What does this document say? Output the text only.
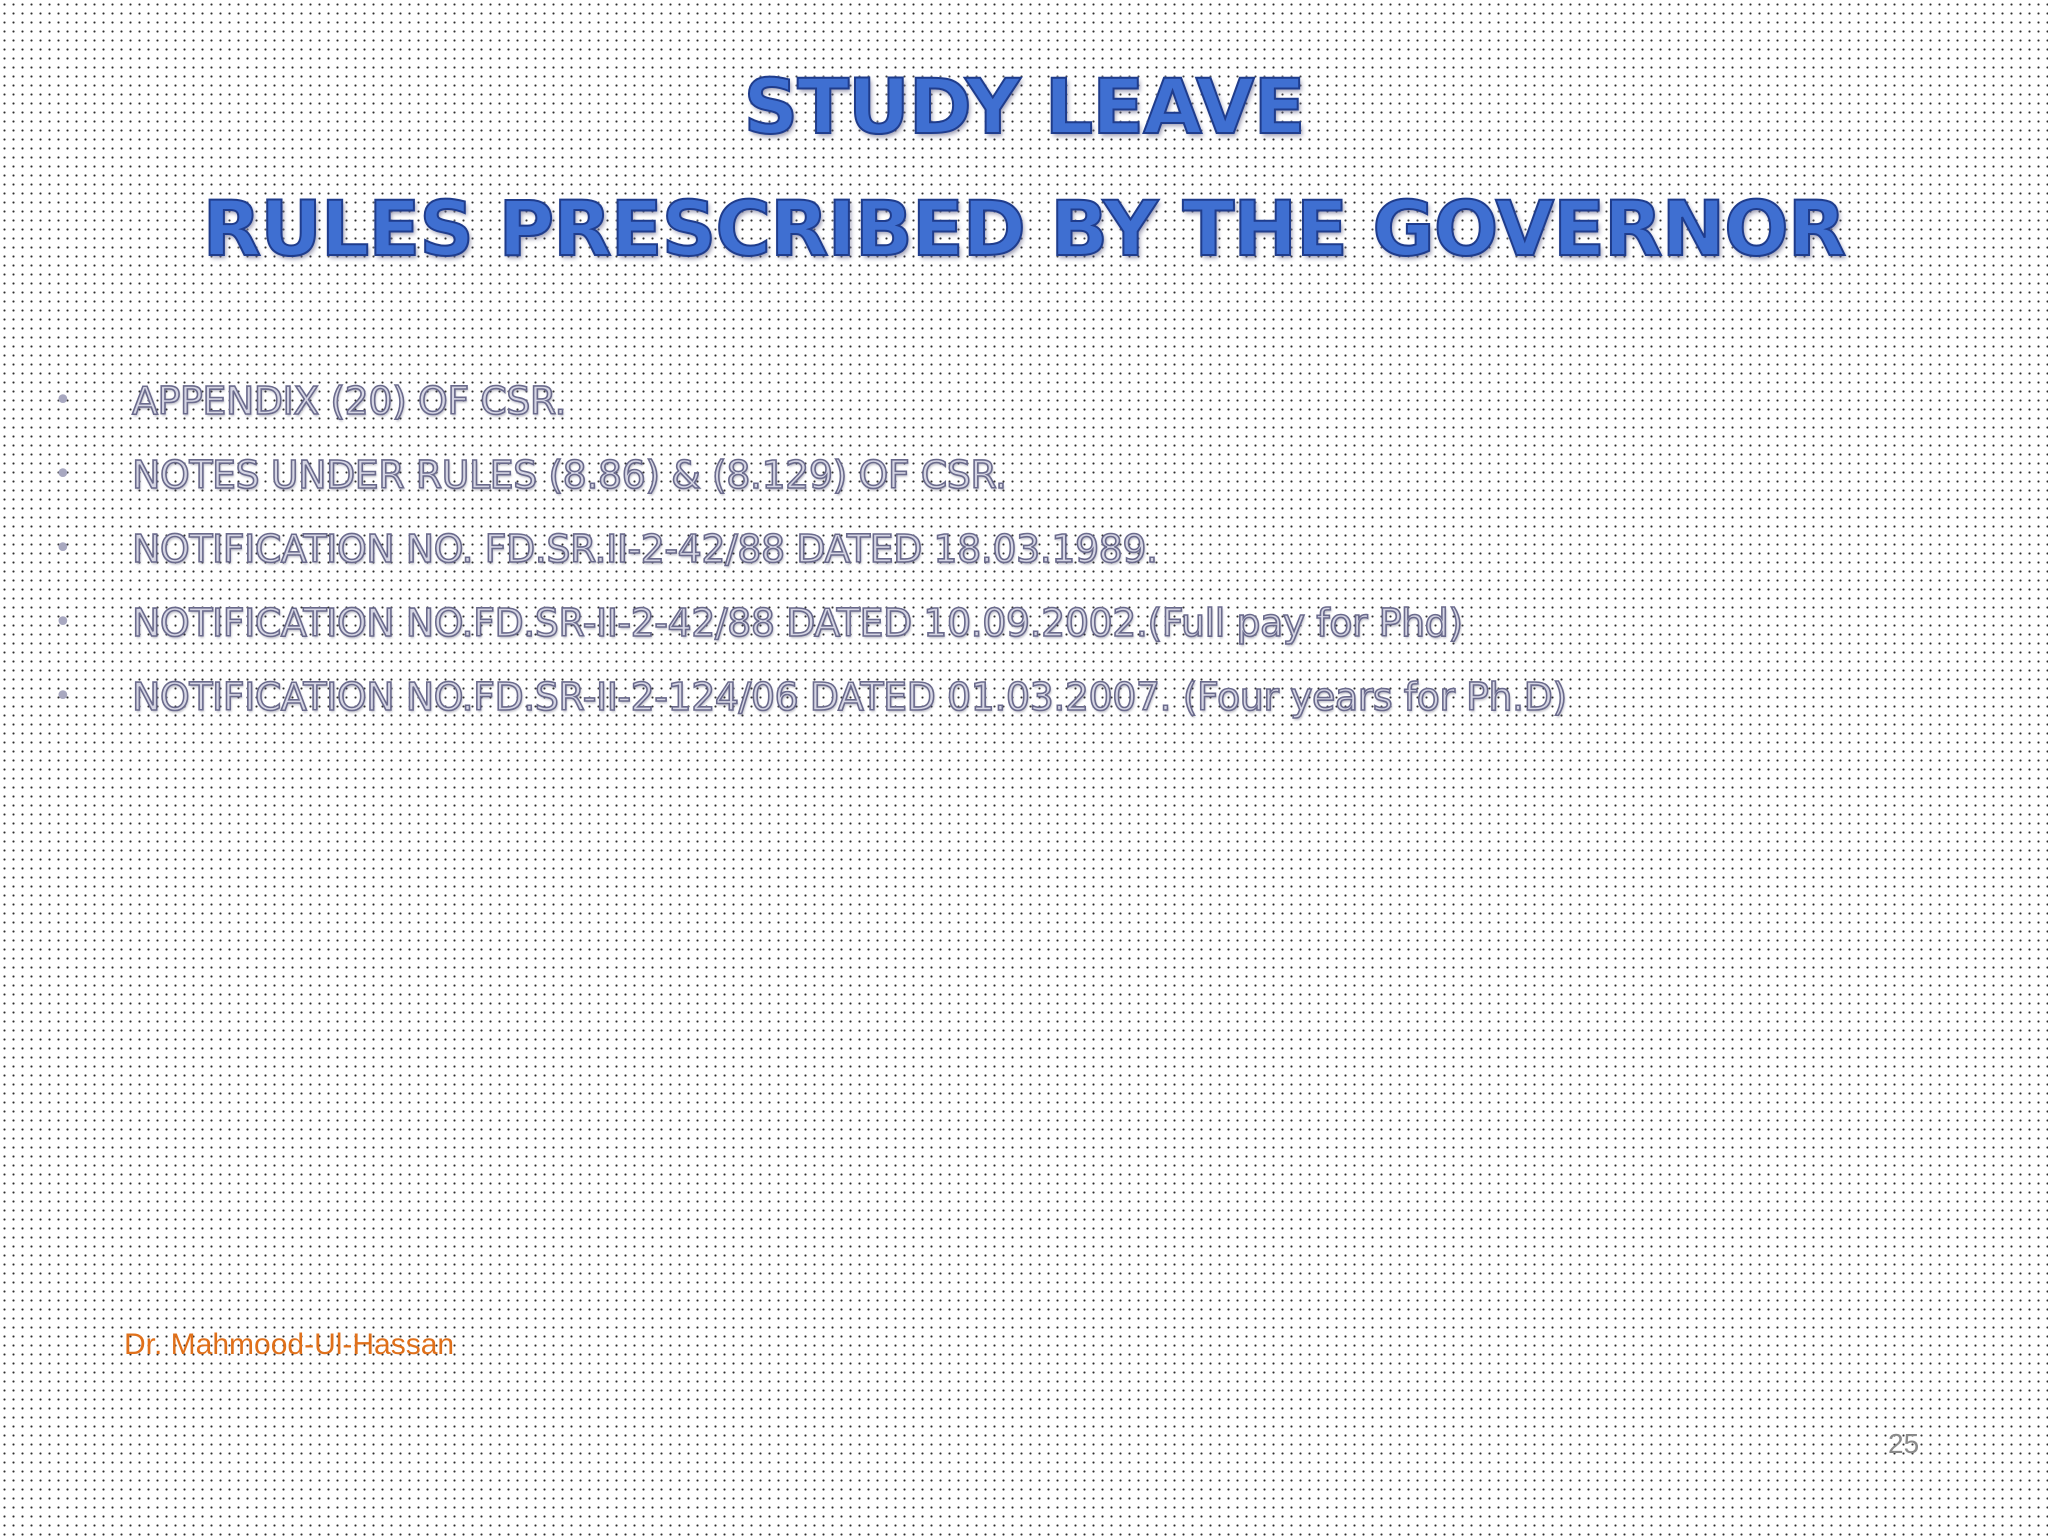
STUDY LEAVE
RULES PRESCRIBED BY THE GOVERNOR
• APPENDIX (20) OF CSR.
• NOTES UNDER RULES (8.86) & (8.129) OF CSR.
• NOTIFICATION NO. FD.SR.II-2-42/88 DATED 18.03.1989.
• NOTIFICATION NO.FD.SR-II-2-42/88 DATED 10.09.2002.(Full pay for Phd)
• NOTIFICATION NO.FD.SR-II-2-124/06 DATED 01.03.2007. (Four years for Ph.D)
Dr. Mahmood-Ul-Hassan
25
